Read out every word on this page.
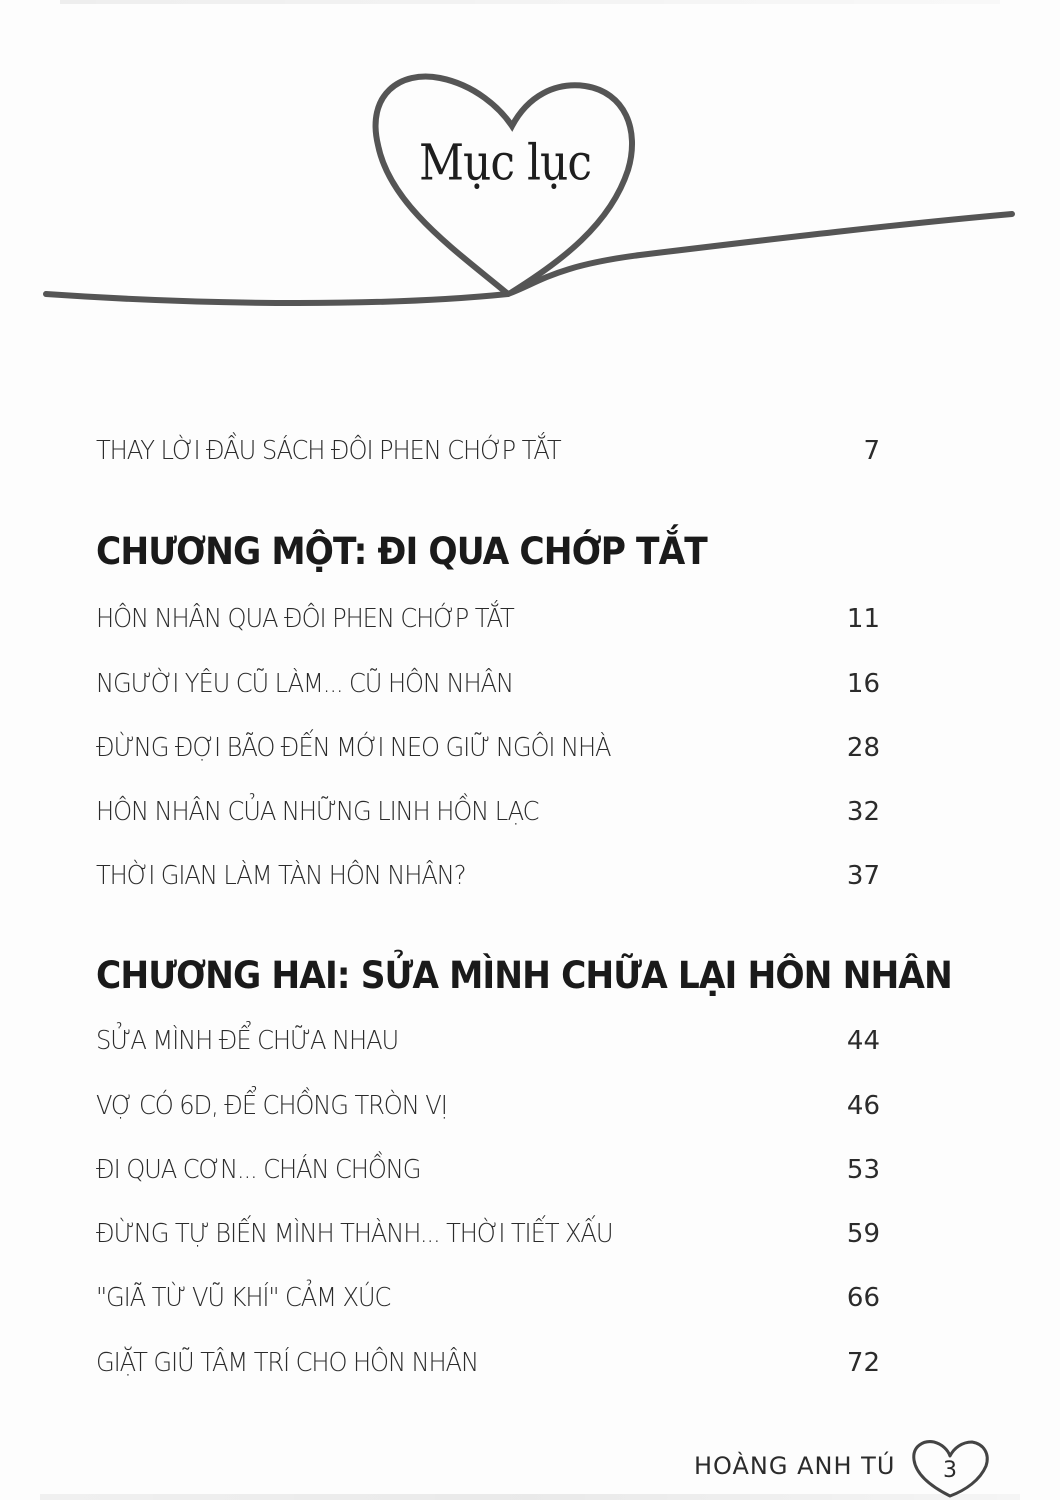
Mục lục
THAY LỜI ĐẦU SÁCH ĐÔI PHEN CHỚP TẮT	7
CHƯƠNG MỘT: ĐI QUA CHỚP TẮT
HÔN NHÂN QUA ĐÔI PHEN CHỚP TẮT	11
NGƯỜI YÊU CŨ LÀM... CŨ HÔN NHÂN	16
ĐỪNG ĐỢI BÃO ĐẾN MỚI NEO GIỮ NGÔI NHÀ	28
HÔN NHÂN CỦA NHỮNG LINH HỒN LẠC	32
THỜI GIAN LÀM TÀN HÔN NHÂN?	37
CHƯƠNG HAI: SỬA MÌNH CHỮA LẠI HÔN NHÂN
SỬA MÌNH ĐỂ CHỮA NHAU	44
VỢ CÓ 6D, ĐỂ CHỒNG TRÒN VỊ	46
ĐI QUA CƠN... CHÁN CHỒNG	53
ĐỪNG TỰ BIẾN MÌNH THÀNH... THỜI TIẾT XẤU	59
"GIÃ TỪ VŨ KHÍ" CẢM XÚC	66
GIẶT GIŨ TÂM TRÍ CHO HÔN NHÂN	72
HOÀNG ANH TÚ	3
